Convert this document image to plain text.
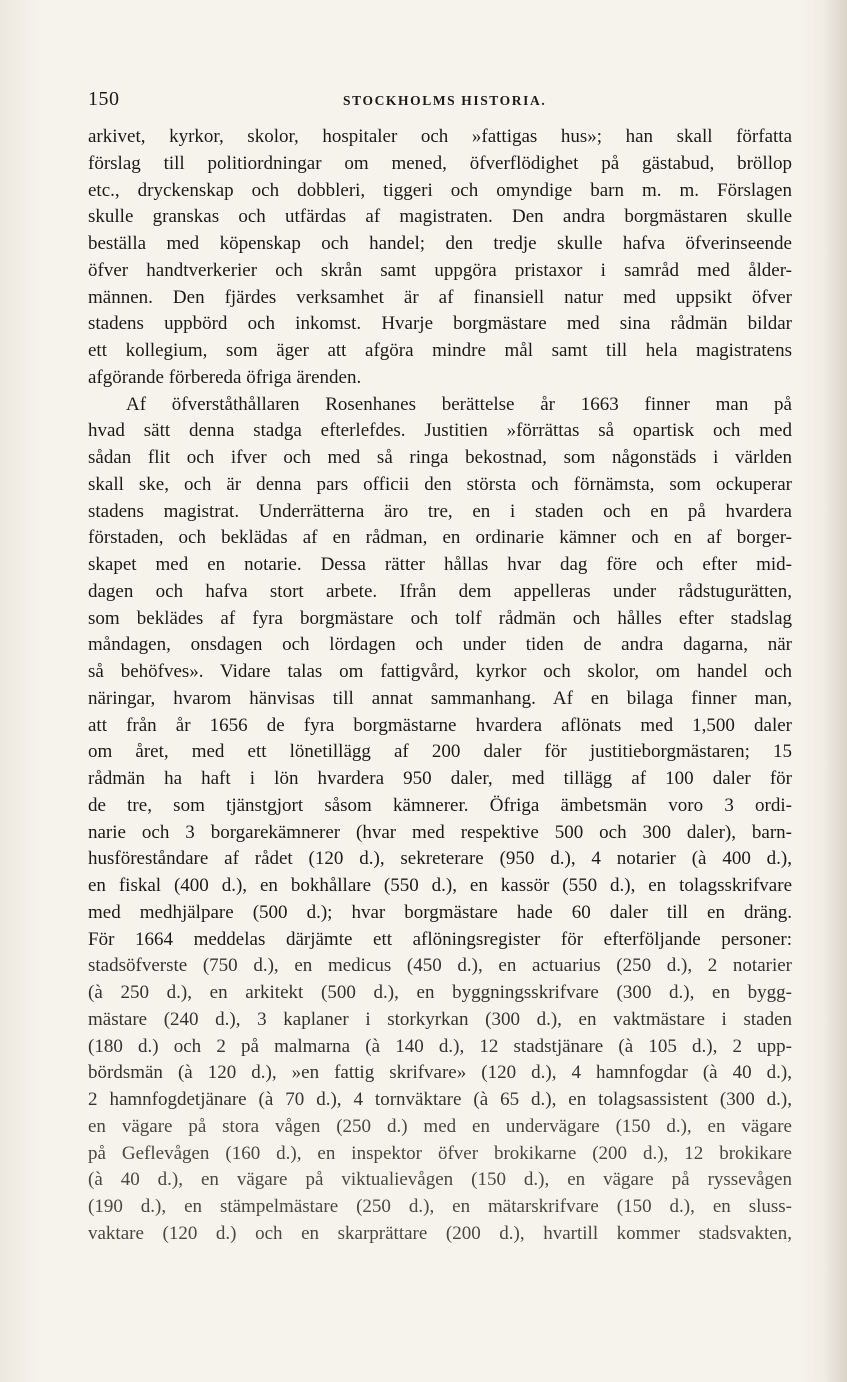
150	STOCKHOLMS HISTORIA.
arkivet, kyrkor, skolor, hospitaler och »fattigas hus»; han skall författa
förslag till politiordningar om mened, öfverflödighet på gästabud, bröllop
etc., dryckenskap och dobbleri, tiggeri och omyndige barn m. m. Förslagen
skulle granskas och utfärdas af magistraten. Den andra borgmästaren skulle
beställa med köpenskap och handel; den tredje skulle hafva öfverinseende
öfver handtverkerier och skrån samt uppgöra pristaxor i samråd med ålder-
männen. Den fjärdes verksamhet är af finansiell natur med uppsikt öfver
stadens uppbörd och inkomst. Hvarje borgmästare med sina rådmän bildar
ett kollegium, som äger att afgöra mindre mål samt till hela magistratens
afgörande förbereda öfriga ärenden.
Af öfverståthållaren Rosenhanes berättelse år 1663 finner man på
hvad sätt denna stadga efterlefdes. Justitien »förrättas så opartisk och med
sådan flit och ifver och med så ringa bekostnad, som någonstäds i världen
skall ske, och är denna pars officii den största och förnämsta, som ockuperar
stadens magistrat. Underrätterna äro tre, en i staden och en på hvardera
förstaden, och beklädas af en rådman, en ordinarie kämner och en af borger-
skapet med en notarie. Dessa rätter hållas hvar dag före och efter mid-
dagen och hafva stort arbete. Ifrån dem appelleras under rådstugurätten,
som beklädes af fyra borgmästare och tolf rådmän och hålles efter stadslag
måndagen, onsdagen och lördagen och under tiden de andra dagarna, när
så behöfves». Vidare talas om fattigvård, kyrkor och skolor, om handel och
näringar, hvarom hänvisas till annat sammanhang. Af en bilaga finner man,
att från år 1656 de fyra borgmästarne hvardera aflönats med 1,500 daler
om året, med ett lönetillägg af 200 daler för justitieborgmästaren; 15
rådmän ha haft i lön hvardera 950 daler, med tillägg af 100 daler för
de tre, som tjänstgjort såsom kämnerer. Öfriga ämbetsmän voro 3 ordi-
narie och 3 borgarekämnerer (hvar med respektive 500 och 300 daler), barn-
husföreståndare af rådet (120 d.), sekreterare (950 d.), 4 notarier (à 400 d.),
en fiskal (400 d.), en bokhållare (550 d.), en kassör (550 d.), en tolagsskrifvare
med medhjälpare (500 d.); hvar borgmästare hade 60 daler till en dräng.
För 1664 meddelas därjämte ett aflöningsregister för efterföljande personer:
stadsöfverste (750 d.), en medicus (450 d.), en actuarius (250 d.), 2 notarier
(à 250 d.), en arkitekt (500 d.), en byggningsskrifvare (300 d.), en bygg-
mästare (240 d.), 3 kaplaner i storkyrkan (300 d.), en vaktmästare i staden
(180 d.) och 2 på malmarna (à 140 d.), 12 stadstjänare (à 105 d.), 2 upp-
bördsmän (à 120 d.), »en fattig skrifvare» (120 d.), 4 hamnfogdar (à 40 d.),
2 hamnfogdetjänare (à 70 d.), 4 tornväktare (à 65 d.), en tolagsassistent (300 d.),
en vägare på stora vågen (250 d.) med en undervägare (150 d.), en vägare
på Geflevågen (160 d.), en inspektor öfver brokikarne (200 d.), 12 brokikare
(à 40 d.), en vägare på viktualievågen (150 d.), en vägare på ryssevågen
(190 d.), en stämpelmästare (250 d.), en mätarskrifvare (150 d.), en sluss-
vaktare (120 d.) och en skarprättare (200 d.), hvartill kommer stadsvakten,
